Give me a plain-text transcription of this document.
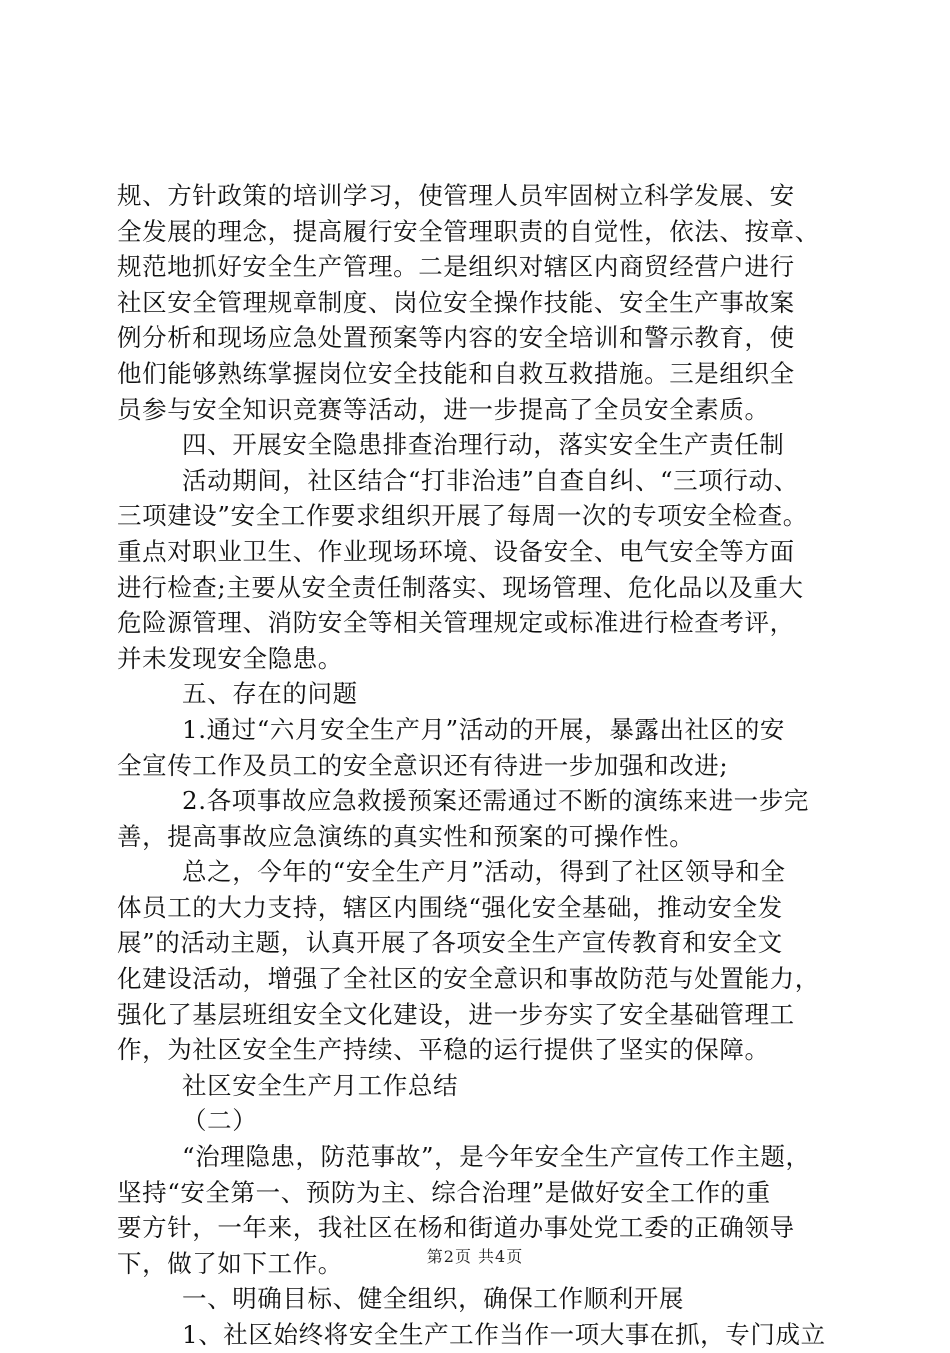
规、方针政策的培训学习，使管理人员牢固树立科学发展、安
全发展的理念，提高履行安全管理职责的自觉性，依法、按章、
规范地抓好安全生产管理。二是组织对辖区内商贸经营户进行
社区安全管理规章制度、岗位安全操作技能、安全生产事故案
例分析和现场应急处置预案等内容的安全培训和警示教育，使
他们能够熟练掌握岗位安全技能和自救互救措施。三是组织全
员参与安全知识竞赛等活动，进一步提高了全员安全素质。
四、开展安全隐患排查治理行动，落实安全生产责任制
活动期间，社区结合“打非治违”自查自纠、“三项行动、
三项建设”安全工作要求组织开展了每周一次的专项安全检查。
重点对职业卫生、作业现场环境、设备安全、电气安全等方面
进行检查;主要从安全责任制落实、现场管理、危化品以及重大
危险源管理、消防安全等相关管理规定或标准进行检查考评，
并未发现安全隐患。
五、存在的问题
1.通过“六月安全生产月”活动的开展，暴露出社区的安
全宣传工作及员工的安全意识还有待进一步加强和改进;
2.各项事故应急救援预案还需通过不断的演练来进一步完
善，提高事故应急演练的真实性和预案的可操作性。
总之，今年的“安全生产月”活动，得到了社区领导和全
体员工的大力支持，辖区内围绕“强化安全基础，推动安全发
展”的活动主题，认真开展了各项安全生产宣传教育和安全文
化建设活动，增强了全社区的安全意识和事故防范与处置能力，
强化了基层班组安全文化建设，进一步夯实了安全基础管理工
作，为社区安全生产持续、平稳的运行提供了坚实的保障。
社区安全生产月工作总结
（二）
“治理隐患，防范事故”，是今年安全生产宣传工作主题，
坚持“安全第一、预防为主、综合治理”是做好安全工作的重
要方针，一年来，我社区在杨和街道办事处党工委的正确领导
下，做了如下工作。
一、明确目标、健全组织，确保工作顺利开展
1、社区始终将安全生产工作当作一项大事在抓，专门成立
第2页 共4页
